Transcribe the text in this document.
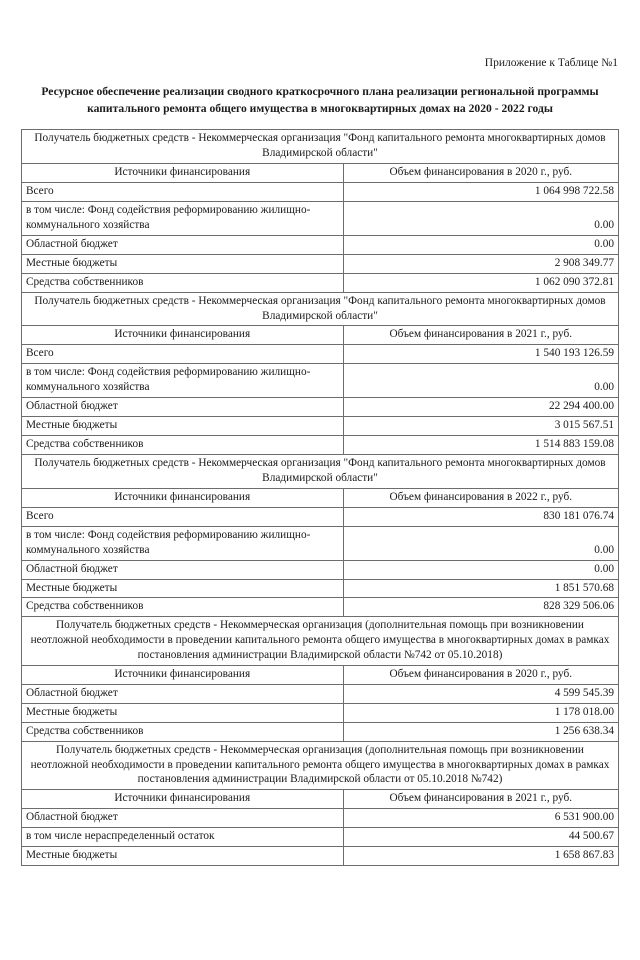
Приложение к Таблице №1
Ресурсное обеспечение реализации сводного краткосрочного плана реализации региональной программы
капитального ремонта общего имущества в многоквартирных домах на 2020 - 2022 годы
Получатель бюджетных средств - Некоммерческая организация "Фонд капитального ремонта многоквартирных домов Владимирской области"	
Источники финансирования	Объем финансирования в 2020 г., руб.
Всего	1 064 998 722.58
в том числе: Фонд содействия реформированию жилищно-коммунального хозяйства	0.00
Областной бюджет	0.00
Местные бюджеты	2 908 349.77
Средства собственников	1 062 090 372.81
Получатель бюджетных средств - Некоммерческая организация "Фонд капитального ремонта многоквартирных домов Владимирской области"	
Источники финансирования	Объем финансирования в 2021 г., руб.
Всего	1 540 193 126.59
в том числе: Фонд содействия реформированию жилищно-коммунального хозяйства	0.00
Областной бюджет	22 294 400.00
Местные бюджеты	3 015 567.51
Средства собственников	1 514 883 159.08
Получатель бюджетных средств - Некоммерческая организация "Фонд капитального ремонта многоквартирных домов Владимирской области"	
Источники финансирования	Объем финансирования в 2022 г., руб.
Всего	830 181 076.74
в том числе: Фонд содействия реформированию жилищно-коммунального хозяйства	0.00
Областной бюджет	0.00
Местные бюджеты	1 851 570.68
Средства собственников	828 329 506.06
Получатель бюджетных средств - Некоммерческая организация (дополнительная помощь при возникновении неотложной необходимости в проведении капитального ремонта общего имущества в многоквартирных домах в рамках постановления администрации Владимирской области №742 от 05.10.2018)	
Источники финансирования	Объем финансирования в 2020 г., руб.
Областной бюджет	4 599 545.39
Местные бюджеты	1 178 018.00
Средства собственников	1 256 638.34
Получатель бюджетных средств - Некоммерческая организация (дополнительная помощь при возникновении неотложной необходимости в проведении капитального ремонта общего имущества в многоквартирных домах в рамках постановления администрации Владимирской области от 05.10.2018 №742)	
Источники финансирования	Объем финансирования в 2021 г., руб.
Областной бюджет	6 531 900.00
в том числе нераспределенный остаток	44 500.67
Местные бюджеты	1 658 867.83
